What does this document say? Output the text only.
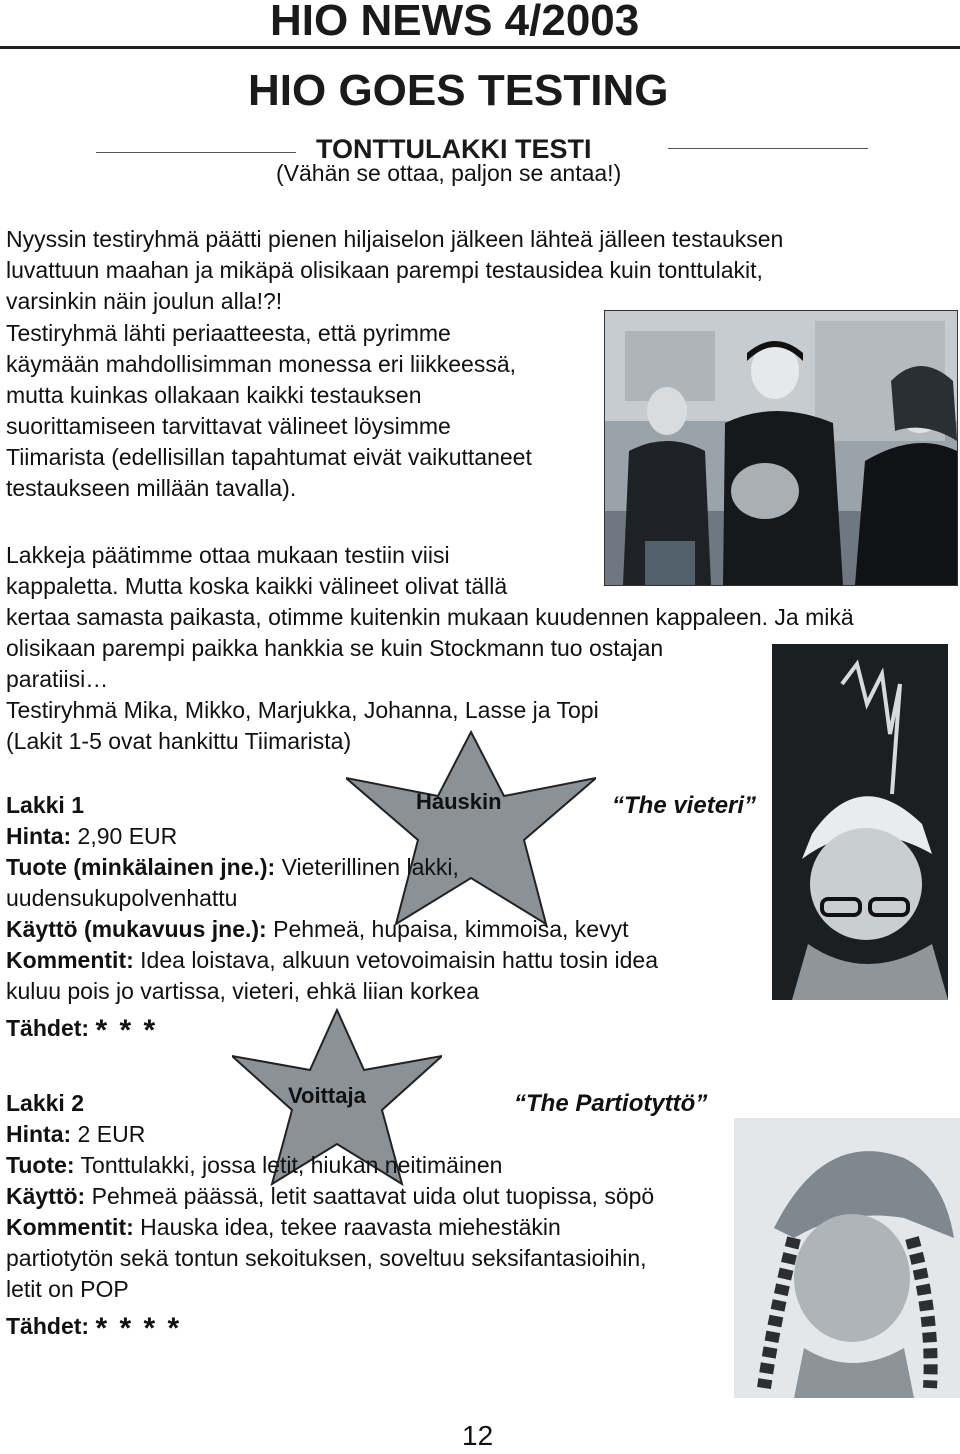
HIO NEWS 4/2003
HIO GOES TESTING
TONTTULAKKI TESTI
(Vähän se ottaa, paljon se antaa!)
Nyyssin testiryhmä päätti pienen hiljaiselon jälkeen lähteä jälleen testauksen
luvattuun maahan ja mikäpä olisikaan parempi testausidea kuin tonttulakit,
varsinkin näin joulun alla!?!
Testiryhmä lähti periaatteesta, että pyrimme
käymään mahdollisimman monessa eri liikkeessä,
mutta kuinkas ollakaan kaikki testauksen
suorittamiseen tarvittavat välineet löysimme
Tiimarista (edellisillan tapahtumat eivät vaikuttaneet
testaukseen millään tavalla).
Lakkeja päätimme ottaa mukaan testiin viisi
kappaletta. Mutta koska kaikki välineet olivat tällä
kertaa samasta paikasta, otimme kuitenkin mukaan kuudennen kappaleen. Ja mikä
olisikaan parempi paikka hankkia se kuin Stockmann tuo ostajan
paratiisi…
Testiryhmä Mika, Mikko, Marjukka, Johanna, Lasse ja Topi
(Lakit 1-5 ovat hankittu Tiimarista)
Hauskin
Lakki 1
Hinta: 2,90 EUR
Tuote (minkälainen jne.): Vieterillinen lakki,
uudensukupolvenhattu
Käyttö (mukavuus jne.): Pehmeä, hupaisa, kimmoisa, kevyt
Kommentit: Idea loistava, alkuun vetovoimaisin hattu tosin idea
kuluu pois jo vartissa, vieteri, ehkä liian korkea
Tähdet: * * *
“The vieteri”
Voittaja
Lakki 2
Hinta: 2 EUR
Tuote: Tonttulakki, jossa letit, hiukan neitimäinen
Käyttö: Pehmeä päässä, letit saattavat uida olut tuopissa, söpö
Kommentit: Hauska idea, tekee raavasta miehestäkin
partiotytön sekä tontun sekoituksen, soveltuu seksifantasioihin,
letit on POP
Tähdet: * * * *
“The Partiotyttö”
12
